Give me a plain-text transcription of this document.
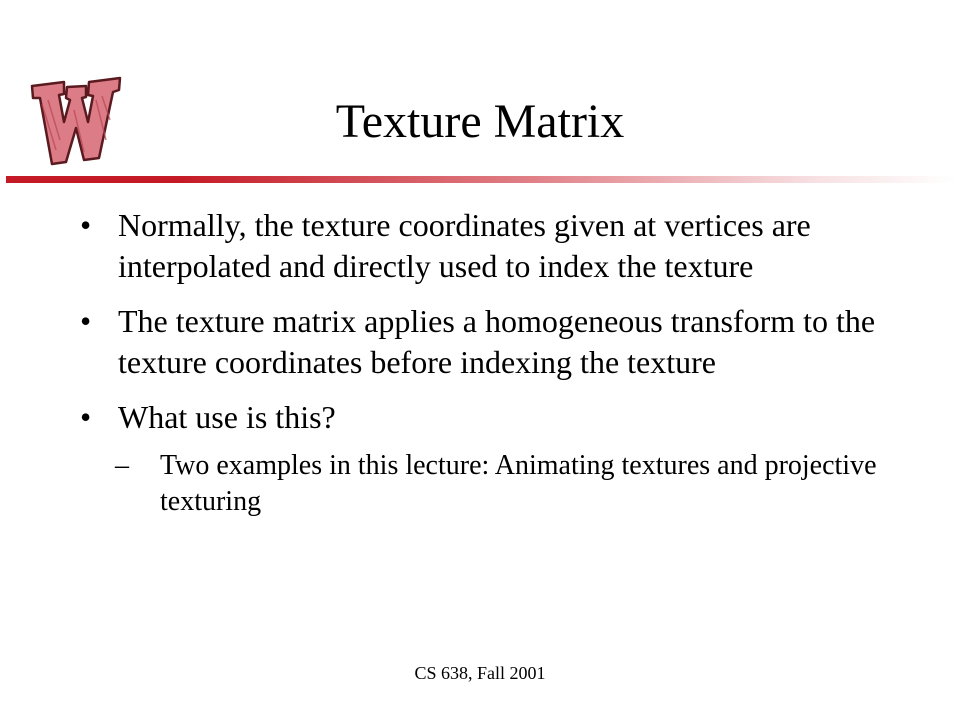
Texture Matrix
• Normally, the texture coordinates given at vertices are interpolated and directly used to index the texture
• The texture matrix applies a homogeneous transform to the texture coordinates before indexing the texture
• What use is this?
– Two examples in this lecture: Animating textures and projective texturing
CS 638, Fall 2001
